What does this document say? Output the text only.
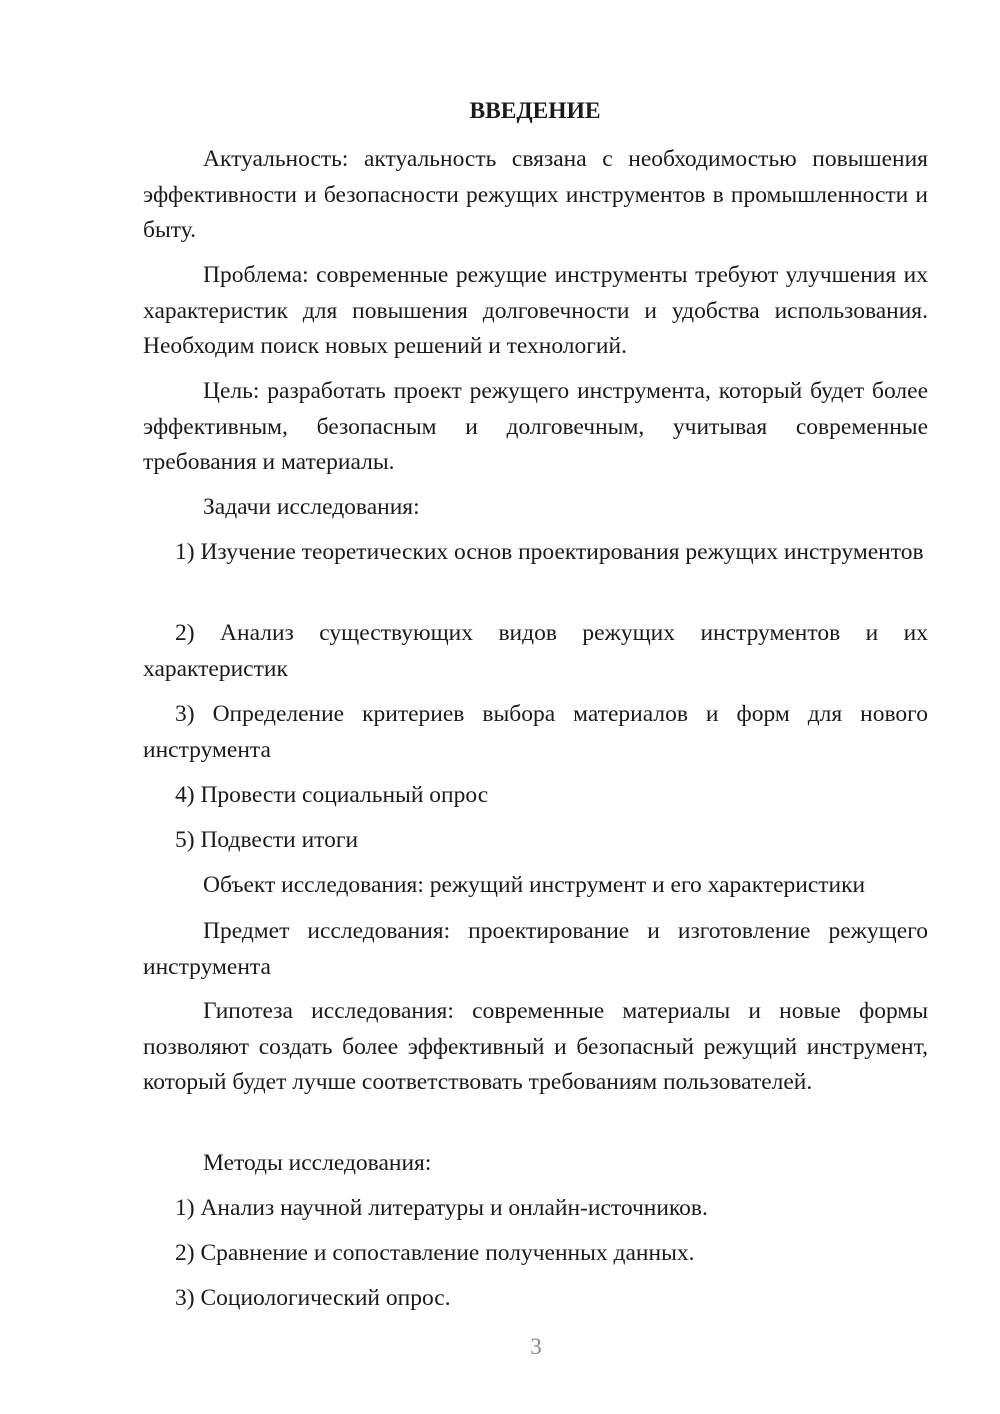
ВВЕДЕНИЕ

Актуальность: актуальность связана с необходимостью повышения эффективности и безопасности режущих инструментов в промышленности и быту.

Проблема: современные режущие инструменты требуют улучшения их характеристик для повышения долговечности и удобства использования. Необходим поиск новых решений и технологий.

Цель: разработать проект режущего инструмента, который будет более эффективным, безопасным и долговечным, учитывая современные требования и материалы.

Задачи исследования:

1) Изучение теоретических основ проектирования режущих инструментов

2) Анализ существующих видов режущих инструментов и их характеристик

3) Определение критериев выбора материалов и форм для нового инструмента

4) Провести социальный опрос

5) Подвести итоги

Объект исследования: режущий инструмент и его характеристики

Предмет исследования: проектирование и изготовление режущего инструмента

Гипотеза исследования: современные материалы и новые формы позволяют создать более эффективный и безопасный режущий инструмент, который будет лучше соответствовать требованиям пользователей.

Методы исследования:

1) Анализ научной литературы и онлайн-источников.

2) Сравнение и сопоставление полученных данных.

3) Социологический опрос.

3
